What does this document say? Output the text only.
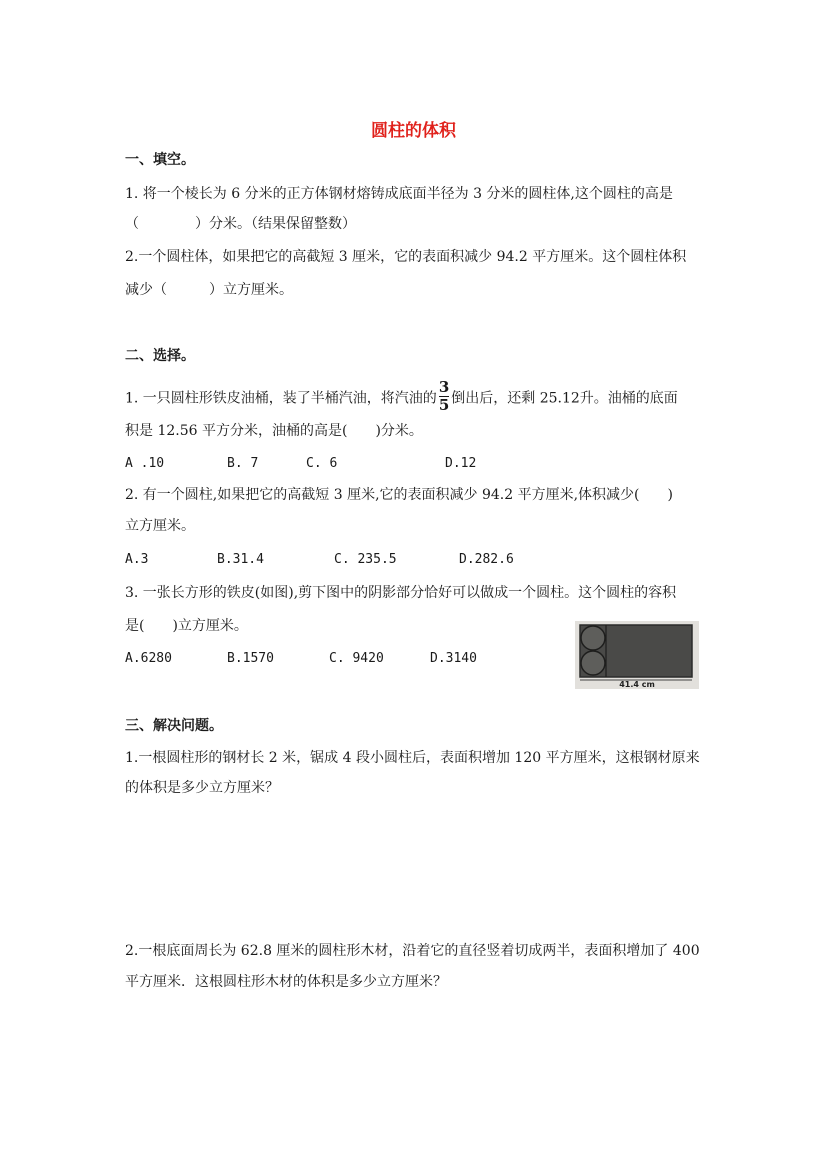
圆柱的体积
一、填空。
1. 将一个棱长为 6 分米的正方体钢材熔铸成底面半径为 3 分米的圆柱体,这个圆柱的高是
（　　　　）分米。（结果保留整数）
2.一个圆柱体，如果把它的高截短 3 厘米，它的表面积减少 94.2 平方厘米。这个圆柱体积
减少（　　　）立方厘米。
二、选择。
1. 一只圆柱形铁皮油桶，装了半桶汽油，将汽油的 $\frac{3}{5}$ 倒出后，还剩 25.12升。油桶的底面
积是 12.56 平方分米，油桶的高是(　　)分米。
A .10	B. 7	C. 6	D.12
2. 有一个圆柱,如果把它的高截短 3 厘米,它的表面积减少 94.2 平方厘米,体积减少(　　)
立方厘米。
A.3	B.31.4	C. 235.5	D.282.6
3. 一张长方形的铁皮(如图),剪下图中的阴影部分恰好可以做成一个圆柱。这个圆柱的容积
是(　　)立方厘米。
A.6280	B.1570	C. 9420	D.3140
41.4 cm
三、解决问题。
1.一根圆柱形的钢材长 2 米，锯成 4 段小圆柱后，表面积增加 120 平方厘米，这根钢材原来
的体积是多少立方厘米？
2.一根底面周长为 62.8 厘米的圆柱形木材，沿着它的直径竖着切成两半，表面积增加了 400
平方厘米．这根圆柱形木材的体积是多少立方厘米？
